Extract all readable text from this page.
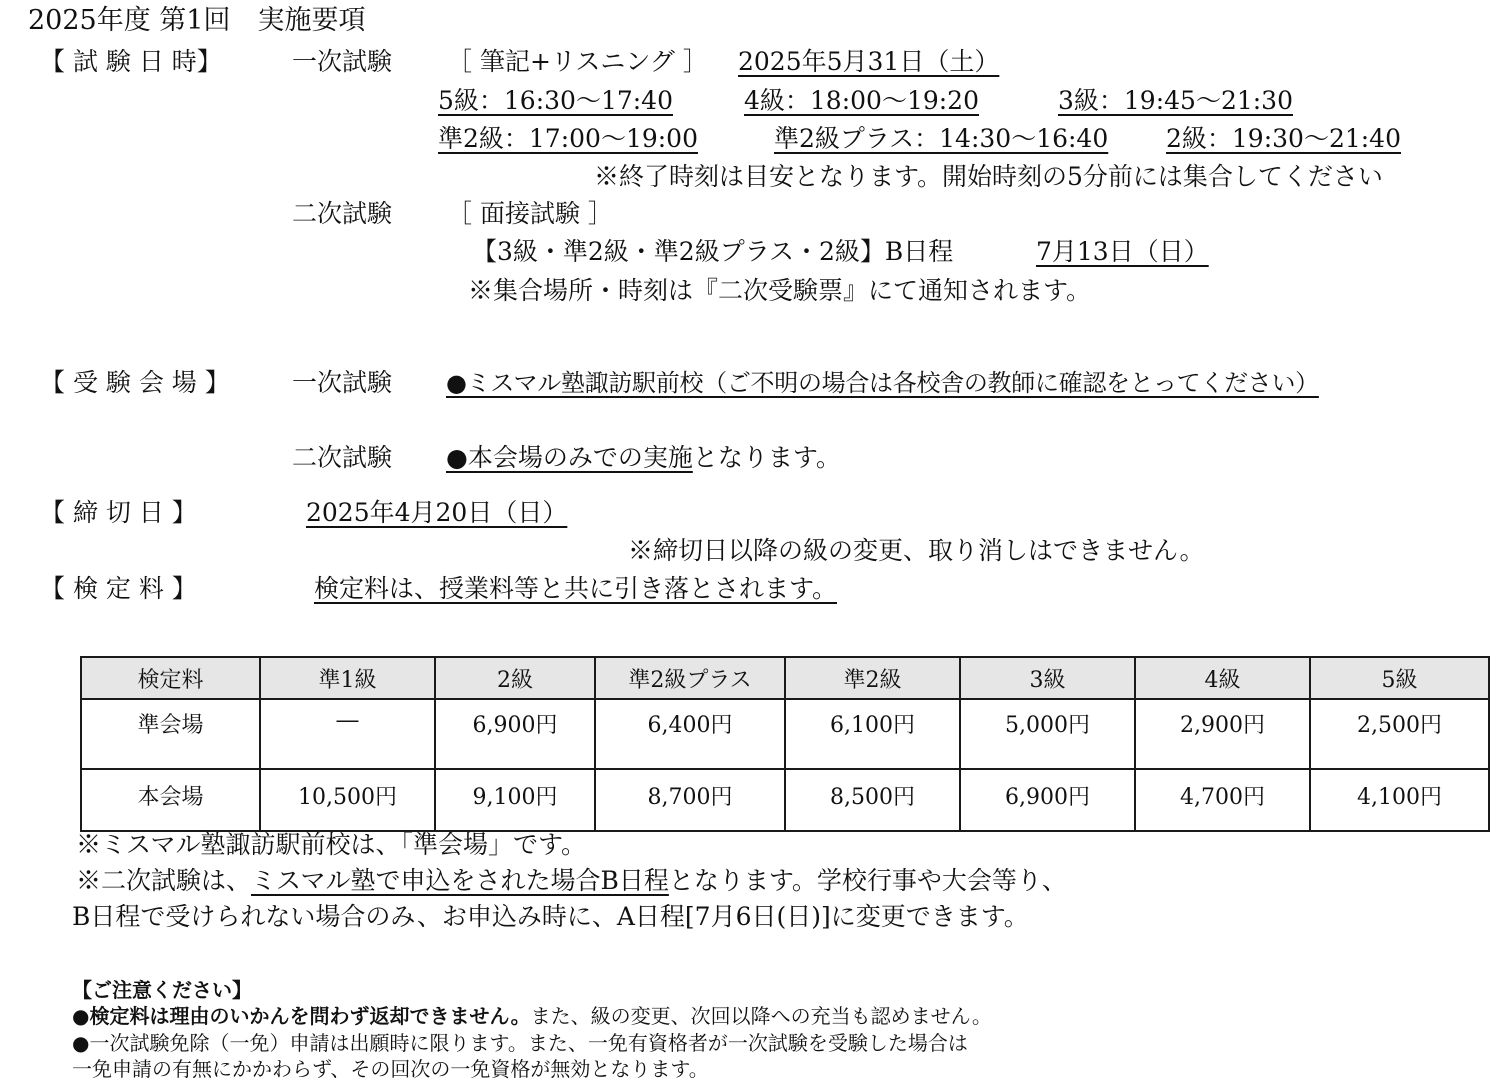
2025年度 第1回　実施要項
【 試 験 日 時】	一次試験 ［ 筆記+リスニング ］ 2025年5月31日（土）
5級：16:30～17:40	4級：18:00～19:20	3級：19:45～21:30
準2級：17:00～19:00	準2級プラス：14:30～16:40 2級：19:30～21:40
※終了時刻は目安となります。開始時刻の5分前には集合してください
二次試験 ［ 面接試験 ］
【3級・準2級・準2級プラス・2級】B日程	7月13日（日）
※集合場所・時刻は『二次受験票』にて通知されます。
【 受 験 会 場 】 一次試験 ●ミスマル塾諏訪駅前校（ご不明の場合は各校舎の教師に確認をとってください）
二次試験 ●本会場のみでの実施となります。
【 締 切 日 】	2025年4月20日（日）
※締切日以降の級の変更、取り消しはできません。
【 検 定 料 】	検定料は、授業料等と共に引き落とされます。
検定料	準1級	2級	準2級プラス	準2級	3級	4級	5級
準会場	―	6,900円	6,400円	6,100円	5,000円	2,900円	2,500円
本会場	10,500円	9,100円	8,700円	8,500円	6,900円	4,700円	4,100円
※ミスマル塾諏訪駅前校は、「準会場」です。
※二次試験は、ミスマル塾で申込をされた場合B日程となります。学校行事や大会等り、
B日程で受けられない場合のみ、お申込み時に、A日程[7月6日(日)]に変更できます。
【ご注意ください】
●検定料は理由のいかんを問わず返却できません。また、級の変更、次回以降への充当も認めません。
●一次試験免除（一免）申請は出願時に限ります。また、一免有資格者が一次試験を受験した場合は
一免申請の有無にかかわらず、その回次の一免資格が無効となります。
